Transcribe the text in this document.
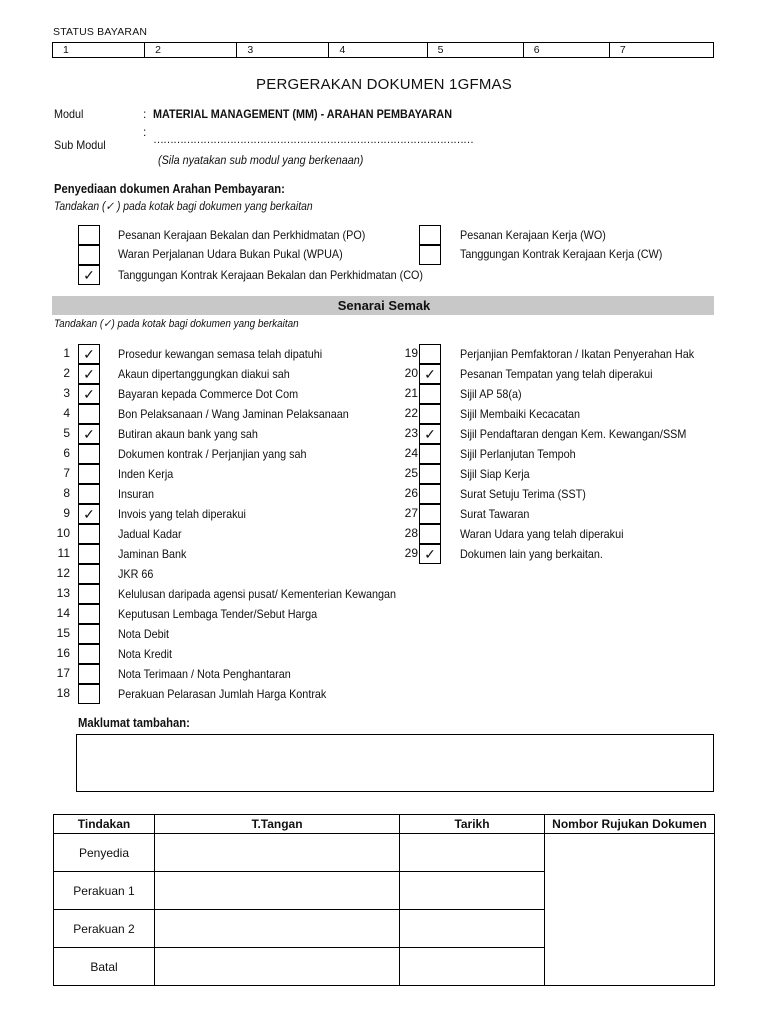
STATUS BAYARAN
1	2	3	4	5	6	7
PERGERAKAN DOKUMEN 1GFMAS
Modul	: MATERIAL MANAGEMENT (MM) - ARAHAN PEMBAYARAN
:
Sub Modul	……………………………………………………………………………………
(Sila nyatakan sub modul yang berkenaan)
Penyediaan dokumen Arahan Pembayaran:
Tandakan (✓ ) pada kotak bagi dokumen yang berkaitan
Pesanan Kerajaan Bekalan dan Perkhidmatan (PO)
Waran Perjalanan Udara Bukan Pukal (WPUA)
✓	Tanggungan Kontrak Kerajaan Bekalan dan Perkhidmatan (CO)
Pesanan Kerajaan Kerja (WO)
Tanggungan Kontrak Kerajaan Kerja (CW)
Senarai Semak
Tandakan (✓) pada kotak bagi dokumen yang berkaitan
1 ✓	Prosedur kewangan semasa telah dipatuhi
2 ✓	Akaun dipertanggungkan diakui sah
3 ✓	Bayaran kepada Commerce Dot Com
4	Bon Pelaksanaan / Wang Jaminan Pelaksanaan
5 ✓	Butiran akaun bank yang sah
6	Dokumen kontrak / Perjanjian yang sah
7	Inden Kerja
8	Insuran
9 ✓	Invois yang telah diperakui
10	Jadual Kadar
11	Jaminan Bank
12	JKR 66
13	Kelulusan daripada agensi pusat/ Kementerian Kewangan
14	Keputusan Lembaga Tender/Sebut Harga
15	Nota Debit
16	Nota Kredit
17	Nota Terimaan / Nota Penghantaran
18	Perakuan Pelarasan Jumlah Harga Kontrak
19	Perjanjian Pemfaktoran / Ikatan Penyerahan Hak
20 ✓	Pesanan Tempatan yang telah diperakui
21	Sijil AP 58(a)
22	Sijil Membaiki Kecacatan
23 ✓	Sijil Pendaftaran dengan Kem. Kewangan/SSM
24	Sijil Perlanjutan Tempoh
25	Sijil Siap Kerja
26	Surat Setuju Terima (SST)
27	Surat Tawaran
28	Waran Udara yang telah diperakui
29 ✓	Dokumen lain yang berkaitan.
Maklumat tambahan:
Tindakan	T.Tangan	Tarikh	Nombor Rujukan Dokumen
Penyedia			
Perakuan 1			
Perakuan 2			
Batal			
